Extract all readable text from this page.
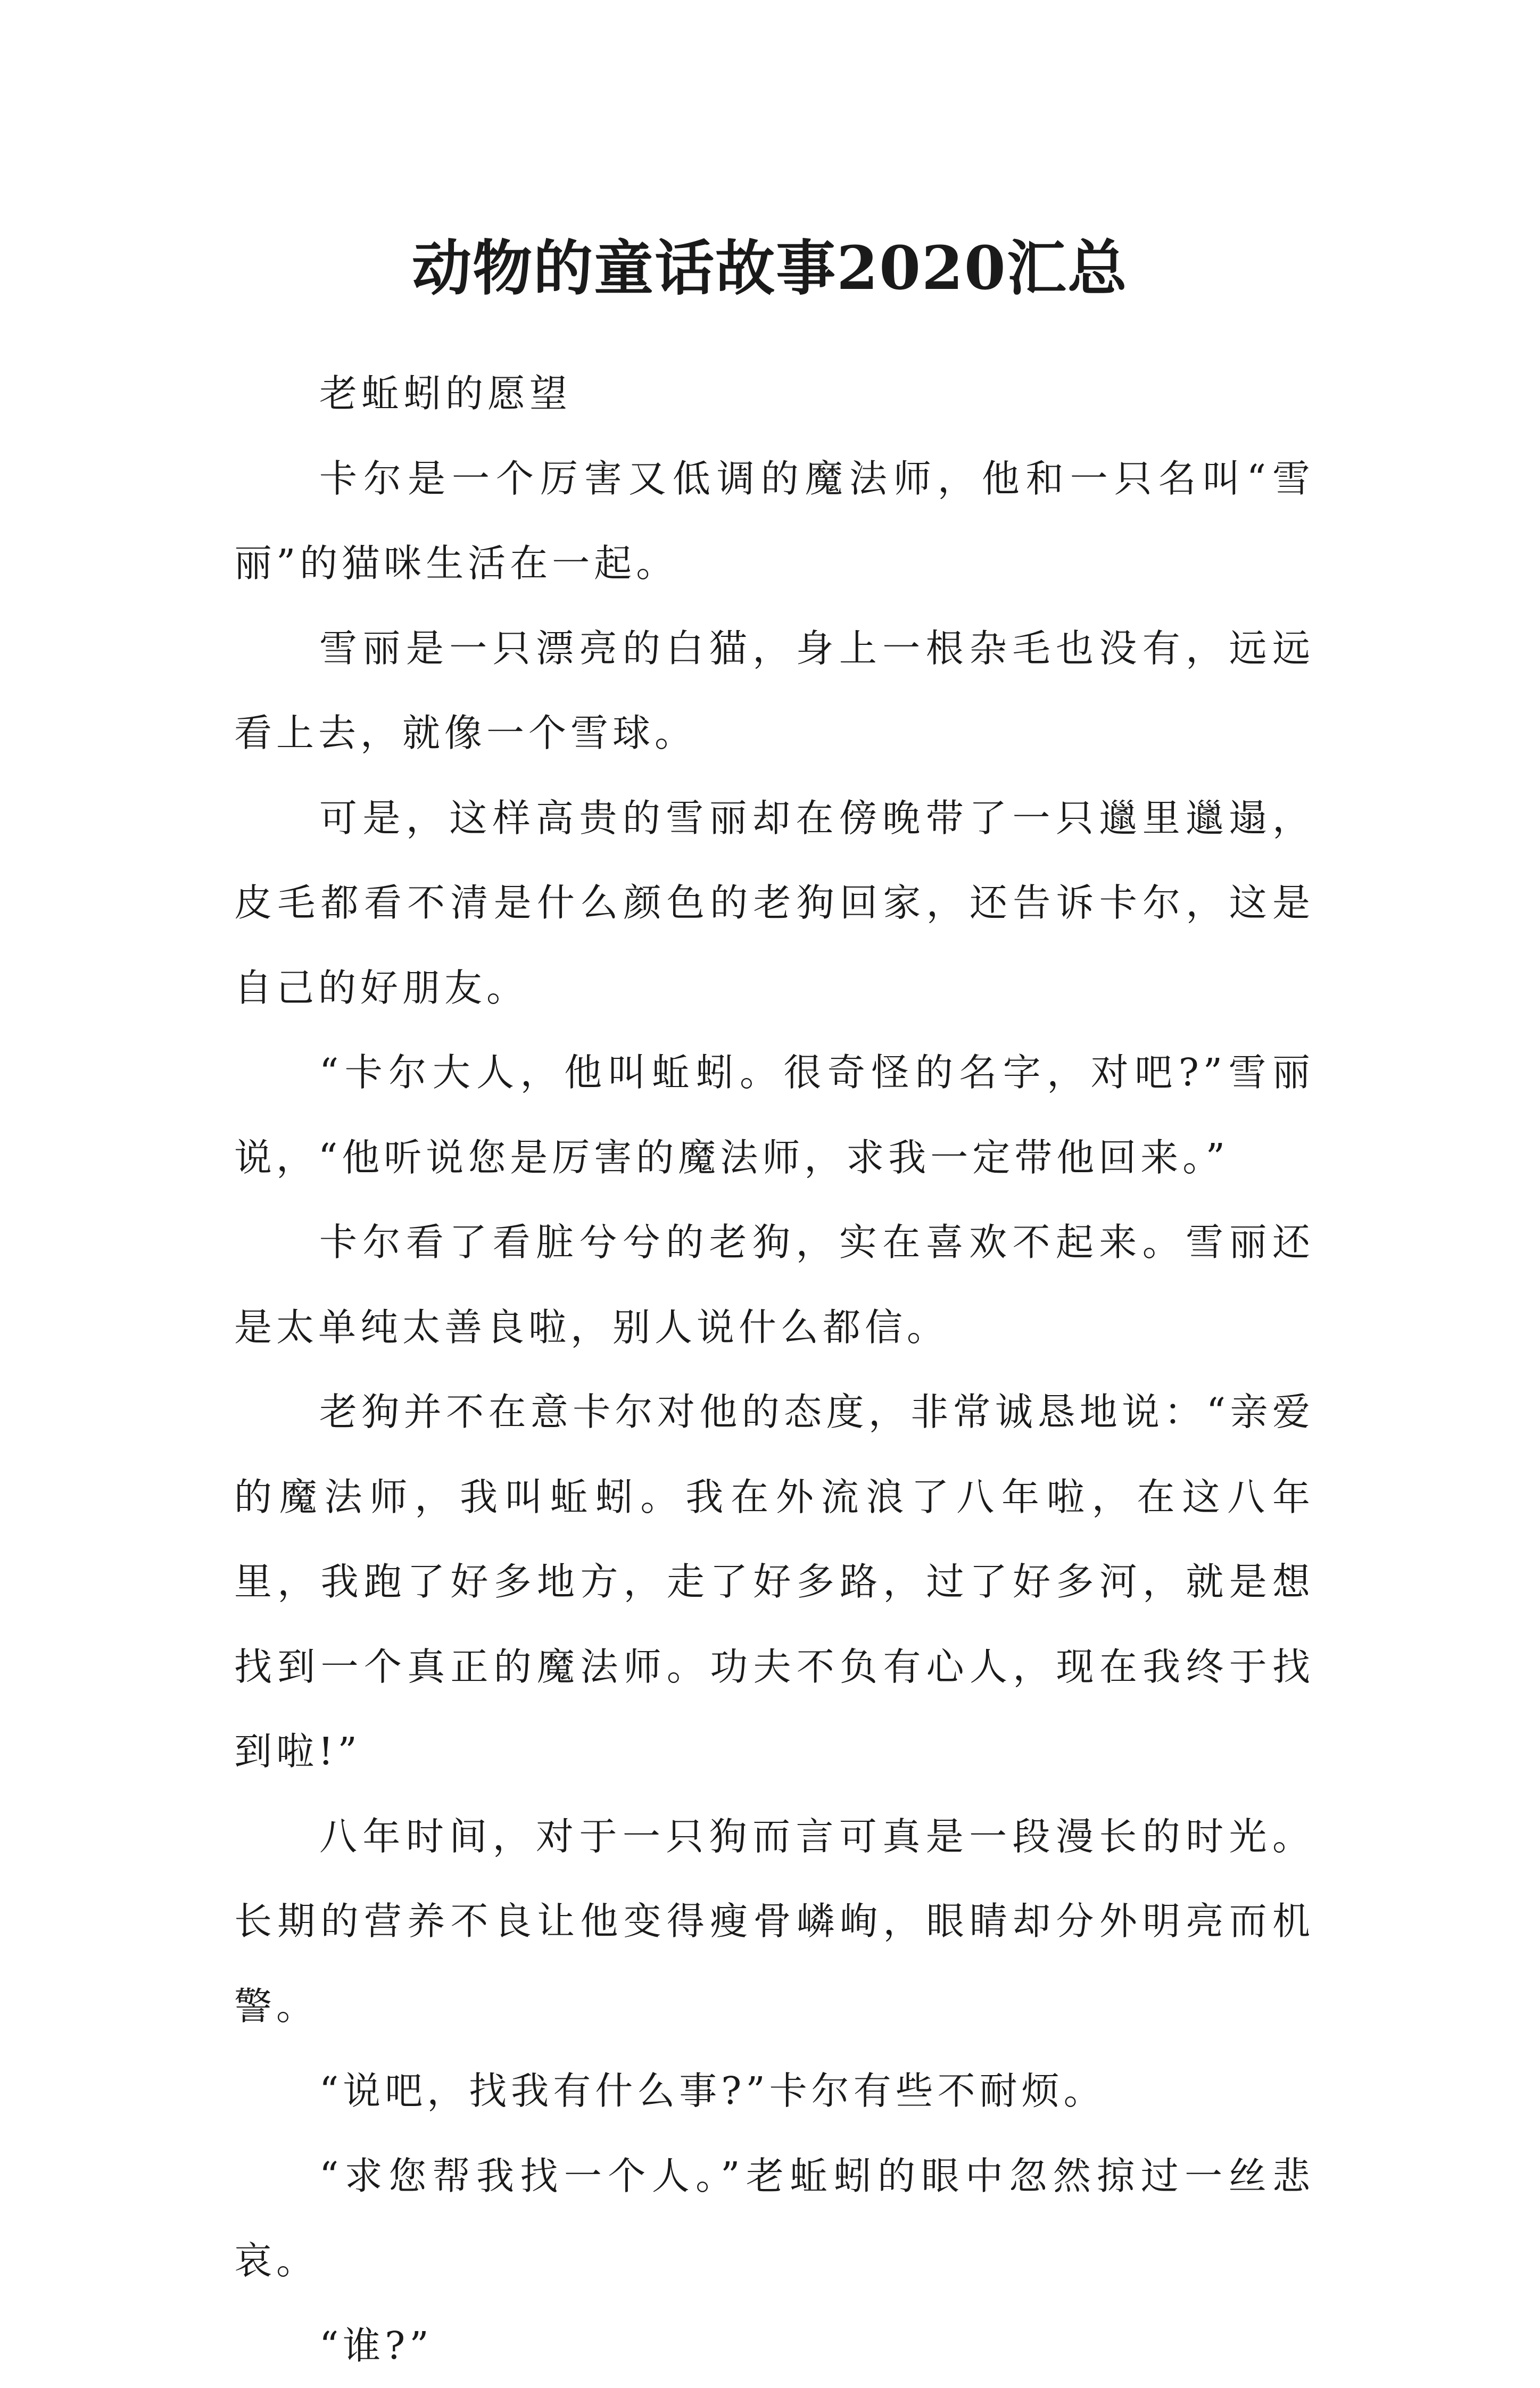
动物的童话故事2020汇总

老蚯蚓的愿望

卡尔是一个厉害又低调的魔法师，他和一只名叫“雪丽”的猫咪生活在一起。

雪丽是一只漂亮的白猫，身上一根杂毛也没有，远远看上去，就像一个雪球。

可是，这样高贵的雪丽却在傍晚带了一只邋里邋遢，皮毛都看不清是什么颜色的老狗回家，还告诉卡尔，这是自己的好朋友。

“卡尔大人，他叫蚯蚓。很奇怪的名字，对吧?”雪丽说，“他听说您是厉害的魔法师，求我一定带他回来。”

卡尔看了看脏兮兮的老狗，实在喜欢不起来。雪丽还是太单纯太善良啦，别人说什么都信。

老狗并不在意卡尔对他的态度，非常诚恳地说：“亲爱的魔法师，我叫蚯蚓。我在外流浪了八年啦，在这八年里，我跑了好多地方，走了好多路，过了好多河，就是想找到一个真正的魔法师。功夫不负有心人，现在我终于找到啦!”

八年时间，对于一只狗而言可真是一段漫长的时光。长期的营养不良让他变得瘦骨嶙峋，眼睛却分外明亮而机警。

“说吧，找我有什么事?”卡尔有些不耐烦。

“求您帮我找一个人。”老蚯蚓的眼中忽然掠过一丝悲哀。

“谁?”
